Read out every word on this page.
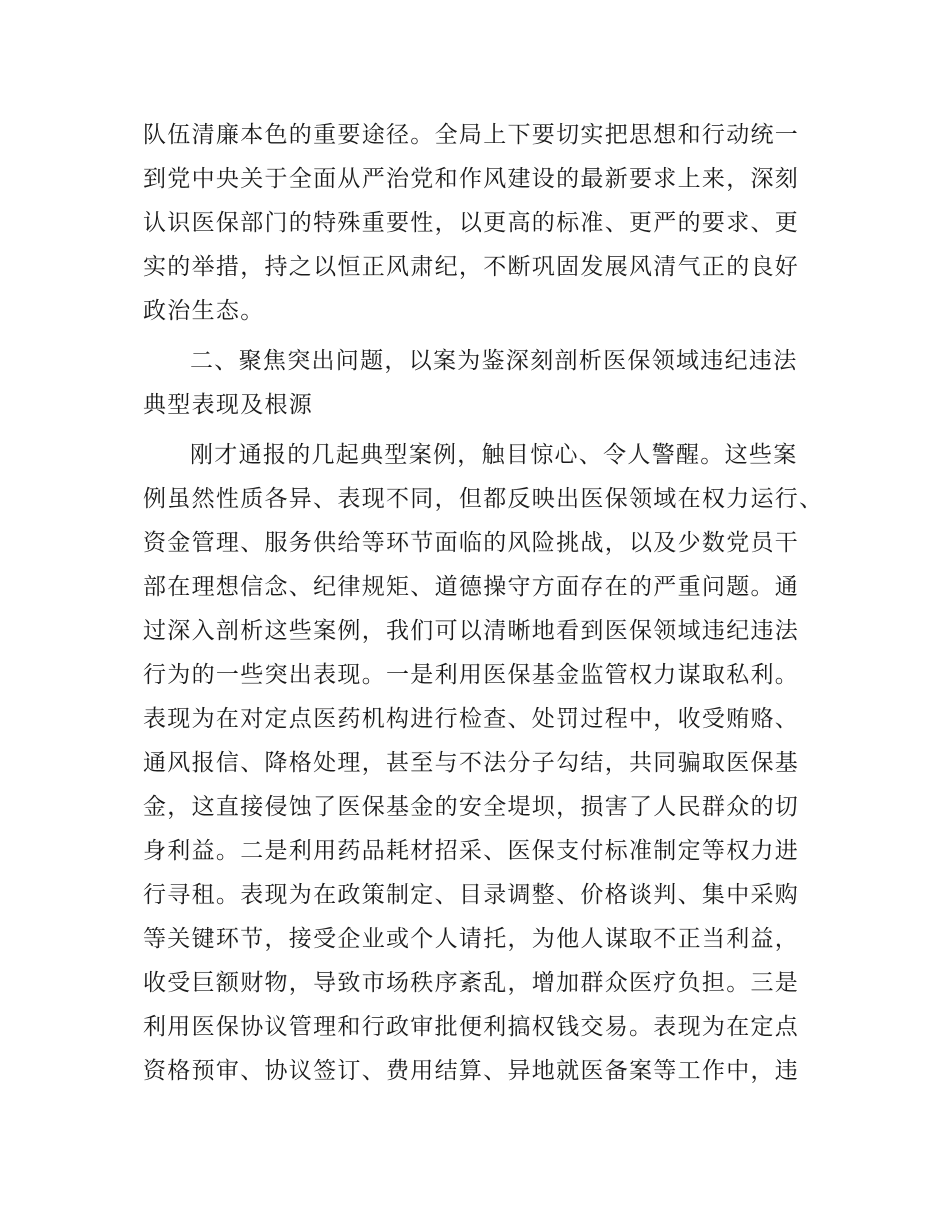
队伍清廉本色的重要途径。全局上下要切实把思想和行动统一
到党中央关于全面从严治党和作风建设的最新要求上来，深刻
认识医保部门的特殊重要性，以更高的标准、更严的要求、更
实的举措，持之以恒正风肃纪，不断巩固发展风清气正的良好
政治生态。
二、聚焦突出问题，以案为鉴深刻剖析医保领域违纪违法
典型表现及根源
刚才通报的几起典型案例，触目惊心、令人警醒。这些案
例虽然性质各异、表现不同，但都反映出医保领域在权力运行、
资金管理、服务供给等环节面临的风险挑战，以及少数党员干
部在理想信念、纪律规矩、道德操守方面存在的严重问题。通
过深入剖析这些案例，我们可以清晰地看到医保领域违纪违法
行为的一些突出表现。一是利用医保基金监管权力谋取私利。
表现为在对定点医药机构进行检查、处罚过程中，收受贿赂、
通风报信、降格处理，甚至与不法分子勾结，共同骗取医保基
金，这直接侵蚀了医保基金的安全堤坝，损害了人民群众的切
身利益。二是利用药品耗材招采、医保支付标准制定等权力进
行寻租。表现为在政策制定、目录调整、价格谈判、集中采购
等关键环节，接受企业或个人请托，为他人谋取不正当利益，
收受巨额财物，导致市场秩序紊乱，增加群众医疗负担。三是
利用医保协议管理和行政审批便利搞权钱交易。表现为在定点
资格预审、协议签订、费用结算、异地就医备案等工作中，违
